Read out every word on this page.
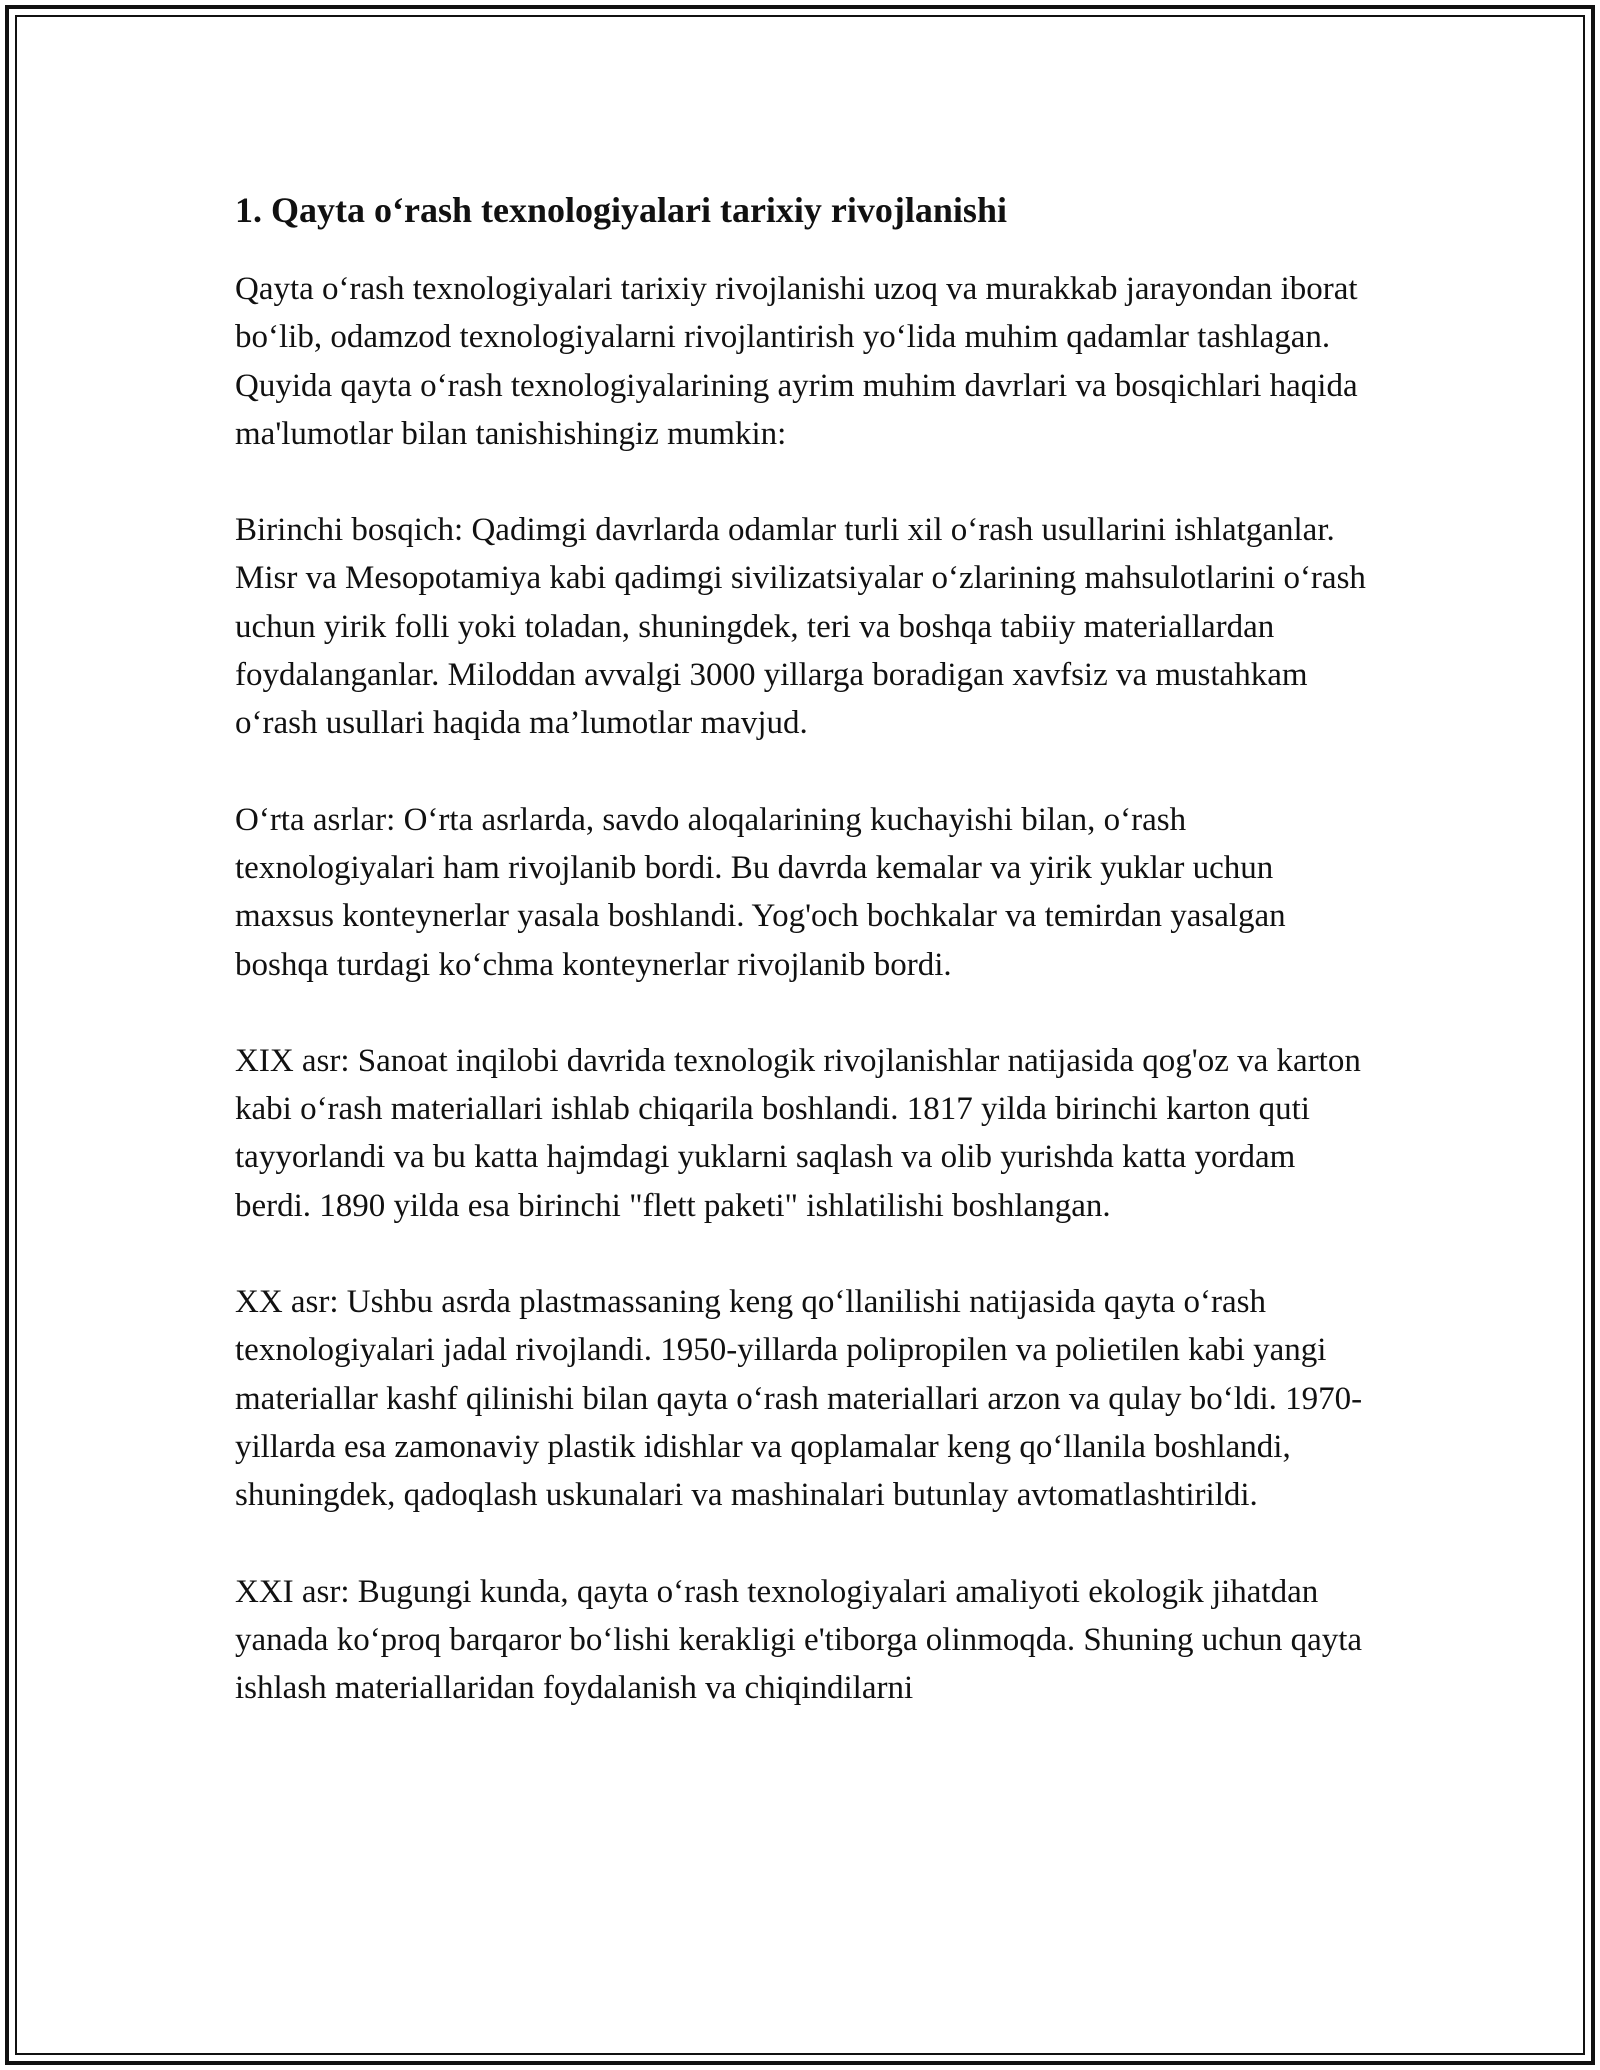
1. Qayta o‘rash texnologiyalari tarixiy rivojlanishi

Qayta o‘rash texnologiyalari tarixiy rivojlanishi uzoq va murakkab jarayondan iborat bo‘lib, odamzod texnologiyalarni rivojlantirish yo‘lida muhim qadamlar tashlagan. Quyida qayta o‘rash texnologiyalarining ayrim muhim davrlari va bosqichlari haqida ma'lumotlar bilan tanishishingiz mumkin:

Birinchi bosqich: Qadimgi davrlarda odamlar turli xil o‘rash usullarini ishlatganlar. Misr va Mesopotamiya kabi qadimgi sivilizatsiyalar o‘zlarining mahsulotlarini o‘rash uchun yirik folli yoki toladan, shuningdek, teri va boshqa tabiiy materiallardan foydalanganlar. Miloddan avvalgi 3000 yillarga boradigan xavfsiz va mustahkam o‘rash usullari haqida ma’lumotlar mavjud.

O‘rta asrlar: O‘rta asrlarda, savdo aloqalarining kuchayishi bilan, o‘rash texnologiyalari ham rivojlanib bordi. Bu davrda kemalar va yirik yuklar uchun maxsus konteynerlar yasala boshlandi. Yog'och bochkalar va temirdan yasalgan boshqa turdagi ko‘chma konteynerlar rivojlanib bordi.

XIX asr: Sanoat inqilobi davrida texnologik rivojlanishlar natijasida qog'oz va karton kabi o‘rash materiallari ishlab chiqarila boshlandi. 1817 yilda birinchi karton quti tayyorlandi va bu katta hajmdagi yuklarni saqlash va olib yurishda katta yordam berdi. 1890 yilda esa birinchi "flett paketi" ishlatilishi boshlangan.

XX asr: Ushbu asrda plastmassaning keng qo‘llanilishi natijasida qayta o‘rash texnologiyalari jadal rivojlandi. 1950-yillarda polipropilen va polietilen kabi yangi materiallar kashf qilinishi bilan qayta o‘rash materiallari arzon va qulay bo‘ldi. 1970-yillarda esa zamonaviy plastik idishlar va qoplamalar keng qo‘llanila boshlandi, shuningdek, qadoqlash uskunalari va mashinalari butunlay avtomatlashtirildi.

XXI asr: Bugungi kunda, qayta o‘rash texnologiyalari amaliyoti ekologik jihatdan yanada ko‘proq barqaror bo‘lishi kerakligi e'tiborga olinmoqda. Shuning uchun qayta ishlash materiallaridan foydalanish va chiqindilarni
